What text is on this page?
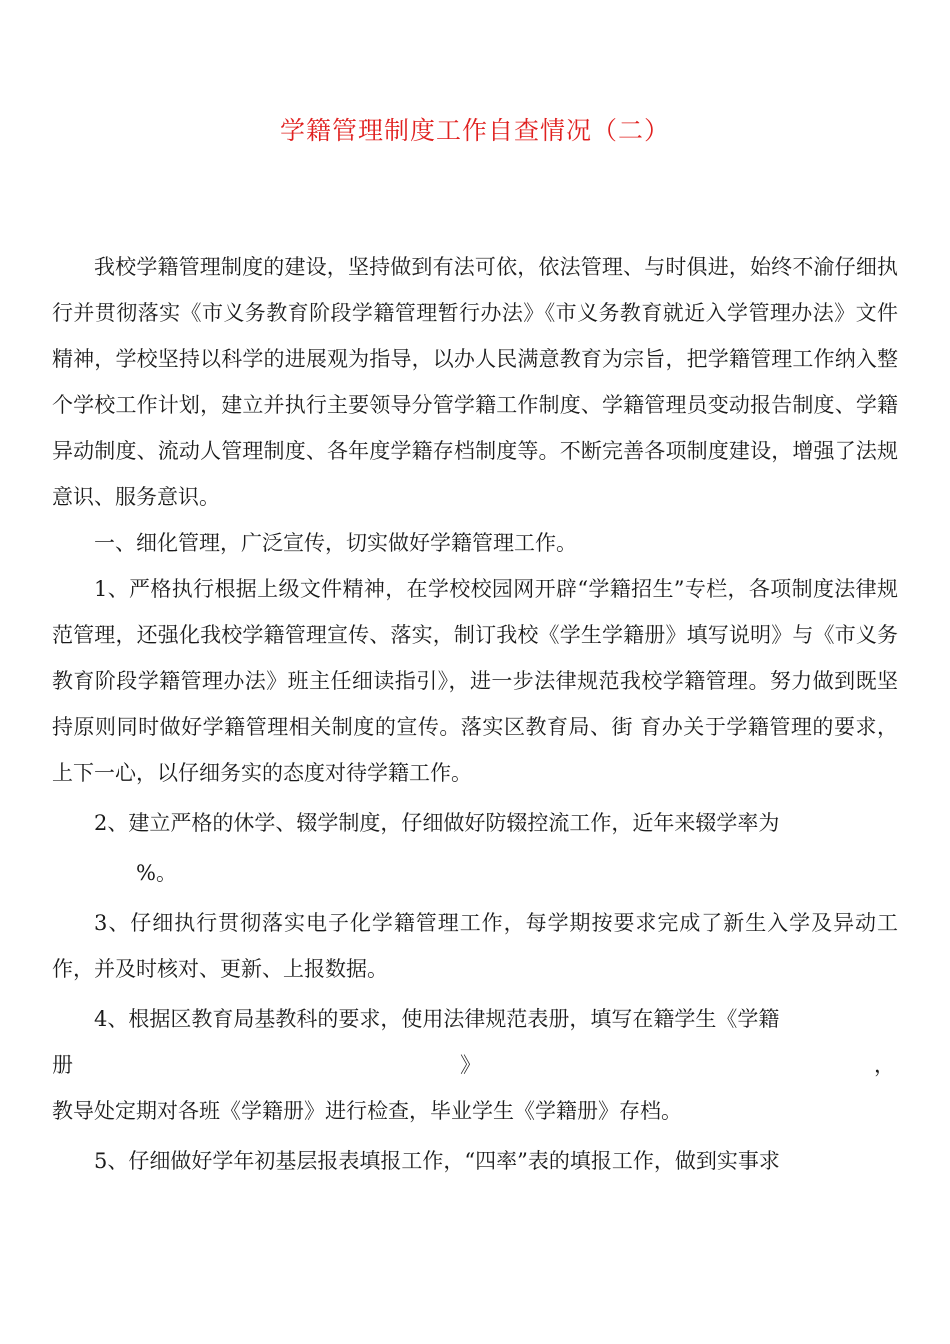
学籍管理制度工作自查情况（二）

我校学籍管理制度的建设，坚持做到有法可依，依法管理、与时俱进，始终不渝仔细执行并贯彻落实《市义务教育阶段学籍管理暂行办法》《市义务教育就近入学管理办法》文件精神，学校坚持以科学的进展观为指导，以办人民满意教育为宗旨，把学籍管理工作纳入整个学校工作计划，建立并执行主要领导分管学籍工作制度、学籍管理员变动报告制度、学籍异动制度、流动人管理制度、各年度学籍存档制度等。不断完善各项制度建设，增强了法规意识、服务意识。

一、细化管理，广泛宣传，切实做好学籍管理工作。

1、严格执行根据上级文件精神，在学校校园网开辟“学籍招生”专栏，各项制度法律规范管理，还强化我校学籍管理宣传、落实，制订我校《学生学籍册》填写说明》与《市义务教育阶段学籍管理办法》班主任细读指引》，进一步法律规范我校学籍管理。努力做到既坚持原则同时做好学籍管理相关制度的宣传。落实区教育局、街 育办关于学籍管理的要求，上下一心，以仔细务实的态度对待学籍工作。

2、建立严格的休学、辍学制度，仔细做好防辍控流工作，近年来辍学率为

%。

3、仔细执行贯彻落实电子化学籍管理工作，每学期按要求完成了新生入学及异动工作，并及时核对、更新、上报数据。

4、根据区教育局基教科的要求，使用法律规范表册，填写在籍学生《学籍

册	》	，

教导处定期对各班《学籍册》进行检查，毕业学生《学籍册》存档。

5、仔细做好学年初基层报表填报工作，“四率”表的填报工作，做到实事求
